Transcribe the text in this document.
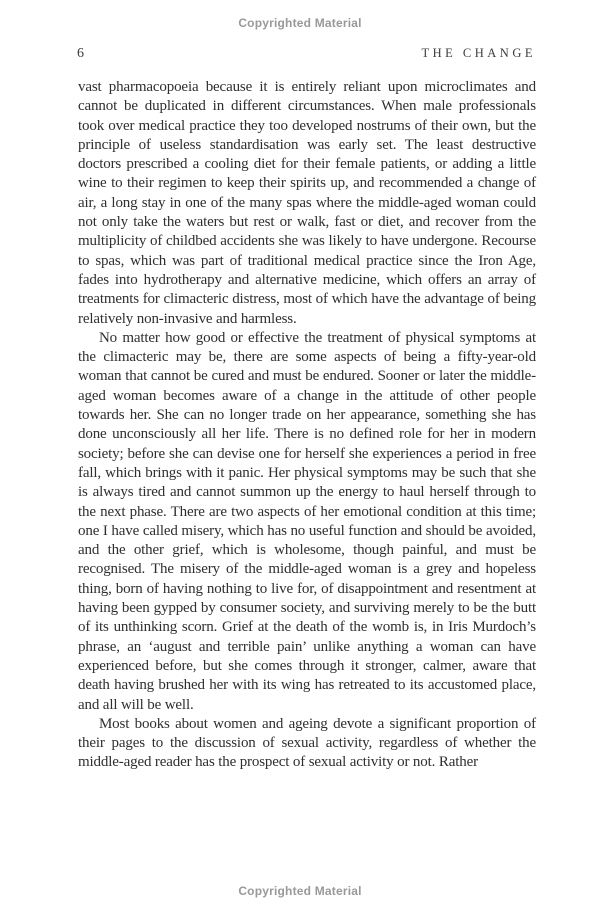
Copyrighted Material
6	THE CHANGE

vast pharmacopoeia because it is entirely reliant upon microclimates and cannot be duplicated in different circumstances. When male professionals took over medical practice they too developed nostrums of their own, but the principle of useless standardisation was early set. The least destructive doctors prescribed a cooling diet for their female patients, or adding a little wine to their regimen to keep their spirits up, and recommended a change of air, a long stay in one of the many spas where the middle-aged woman could not only take the waters but rest or walk, fast or diet, and recover from the multiplicity of childbed accidents she was likely to have undergone. Recourse to spas, which was part of traditional medical practice since the Iron Age, fades into hydrotherapy and alternative medicine, which offers an array of treatments for climacteric distress, most of which have the advantage of being relatively non-invasive and harmless.

No matter how good or effective the treatment of physical symptoms at the climacteric may be, there are some aspects of being a fifty-year-old woman that cannot be cured and must be endured. Sooner or later the middle-aged woman becomes aware of a change in the attitude of other people towards her. She can no longer trade on her appearance, something she has done unconsciously all her life. There is no defined role for her in modern society; before she can devise one for herself she experiences a period in free fall, which brings with it panic. Her physical symptoms may be such that she is always tired and cannot summon up the energy to haul herself through to the next phase. There are two aspects of her emotional condition at this time; one I have called misery, which has no useful function and should be avoided, and the other grief, which is wholesome, though painful, and must be recognised. The misery of the middle-aged woman is a grey and hopeless thing, born of having nothing to live for, of disappointment and resentment at having been gypped by consumer society, and surviving merely to be the butt of its unthinking scorn. Grief at the death of the womb is, in Iris Murdoch’s phrase, an ‘august and terrible pain’ unlike anything a woman can have experienced before, but she comes through it stronger, calmer, aware that death having brushed her with its wing has retreated to its accustomed place, and all will be well.

Most books about women and ageing devote a significant proportion of their pages to the discussion of sexual activity, regardless of whether the middle-aged reader has the prospect of sexual activity or not. Rather

Copyrighted Material
